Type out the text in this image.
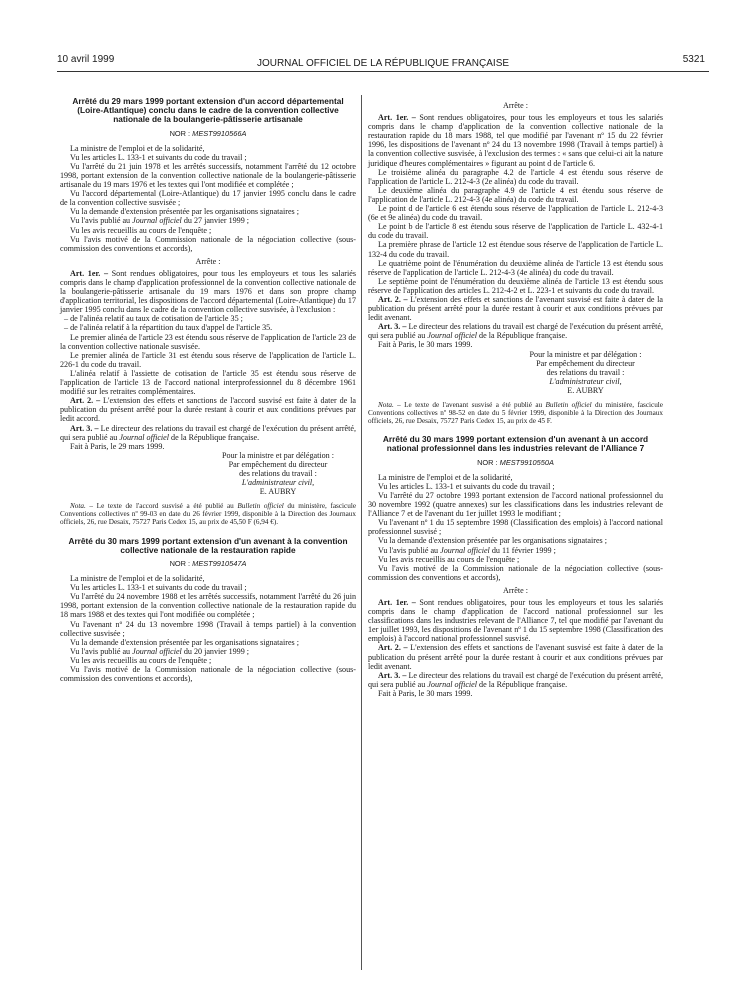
10 avril 1999	JOURNAL OFFICIEL DE LA RÉPUBLIQUE FRANÇAISE	5321
Arrêté du 29 mars 1999 portant extension d'un accord départemental (Loire-Atlantique) conclu dans le cadre de la convention collective nationale de la boulangerie-pâtisserie artisanale
NOR : MESТ9910566A

La ministre de l'emploi et de la solidarité,

Vu les articles L. 133-1 et suivants du code du travail ;

Vu l'arrêté du 21 juin 1978 et les arrêtés successifs, notamment l'arrêté du 12 octobre 1998, portant extension de la convention collective nationale de la boulangerie-pâtisserie artisanale du 19 mars 1976 et les textes qui l'ont modifiée et complétée ;

Vu l'accord départemental (Loire-Atlantique) du 17 janvier 1995 conclu dans le cadre de la convention collective susvisée ;

Vu la demande d'extension présentée par les organisations signataires ;

Vu l'avis publié au Journal officiel du 27 janvier 1999 ;

Vu les avis recueillis au cours de l'enquête ;

Vu l'avis motivé de la Commission nationale de la négociation collective (sous-commission des conventions et accords),

Arrête :

Art. 1er. – Sont rendues obligatoires, pour tous les employeurs et tous les salariés compris dans le champ d'application professionnel de la convention collective nationale de la boulangerie-pâtisserie artisanale du 19 mars 1976 et dans son propre champ d'application territorial, les dispositions de l'accord départemental (Loire-Atlantique) du 17 janvier 1995 conclu dans le cadre de la convention collective susvisée, à l'exclusion :

– de l'alinéa relatif au taux de cotisation de l'article 35 ;

– de l'alinéa relatif à la répartition du taux d'appel de l'article 35.

Le premier alinéa de l'article 23 est étendu sous réserve de l'application de l'article 23 de la convention collective nationale susvisée.

Le premier alinéa de l'article 31 est étendu sous réserve de l'application de l'article L. 226-1 du code du travail.

L'alinéa relatif à l'assiette de cotisation de l'article 35 est étendu sous réserve de l'application de l'article 13 de l'accord national interprofessionnel du 8 décembre 1961 modifié sur les retraites complémentaires.

Art. 2. – L'extension des effets et sanctions de l'accord susvisé est faite à dater de la publication du présent arrêté pour la durée restant à courir et aux conditions prévues par ledit accord.

Art. 3. – Le directeur des relations du travail est chargé de l'exécution du présent arrêté, qui sera publié au Journal officiel de la République française.

Fait à Paris, le 29 mars 1999.

Pour la ministre et par délégation :
Par empêchement du directeur
des relations du travail :
L'administrateur civil,
E. AUBRY

Nota. – Le texte de l'accord susvisé a été publié au Bulletin officiel du ministère, fascicule Conventions collectives nº 99-03 en date du 26 février 1999, disponible à la Direction des Journaux officiels, 26, rue Desaix, 75727 Paris Cedex 15, au prix de 45,50 F (6,94 €).

Arrêté du 30 mars 1999 portant extension d'un avenant à la convention collective nationale de la restauration rapide
NOR : MEST9910547A

La ministre de l'emploi et de la solidarité,

Vu les articles L. 133-1 et suivants du code du travail ;

Vu l'arrêté du 24 novembre 1988 et les arrêtés successifs, notamment l'arrêté du 26 juin 1998, portant extension de la convention collective nationale de la restauration rapide du 18 mars 1988 et des textes qui l'ont modifiée ou complétée ;

Vu l'avenant nº 24 du 13 novembre 1998 (Travail à temps partiel) à la convention collective susvisée ;

Vu la demande d'extension présentée par les organisations signataires ;

Vu l'avis publié au Journal officiel du 20 janvier 1999 ;

Vu les avis recueillis au cours de l'enquête ;

Vu l'avis motivé de la Commission nationale de la négociation collective (sous-commission des conventions et accords),

Arrête :

Art. 1er. – Sont rendues obligatoires, pour tous les employeurs et tous les salariés compris dans le champ d'application de la convention collective nationale de la restauration rapide du 18 mars 1988, tel que modifié par l'avenant nº 15 du 22 février 1996, les dispositions de l'avenant nº 24 du 13 novembre 1998 (Travail à temps partiel) à la convention collective susvisée, à l'exclusion des termes : « sans que celui-ci ait la nature juridique d'heures complémentaires » figurant au point d de l'article 6.

Le troisième alinéa du paragraphe 4.2 de l'article 4 est étendu sous réserve de l'application de l'article L. 212-4-3 (2e alinéa) du code du travail.

Le deuxième alinéa du paragraphe 4.9 de l'article 4 est étendu sous réserve de l'application de l'article L. 212-4-3 (4e alinéa) du code du travail.

Le point d de l'article 6 est étendu sous réserve de l'application de l'article L. 212-4-3 (6e et 9e alinéa) du code du travail.

Le point b de l'article 8 est étendu sous réserve de l'application de l'article L. 432-4-1 du code du travail.

La première phrase de l'article 12 est étendue sous réserve de l'application de l'article L. 132-4 du code du travail.

Le quatrième point de l'énumération du deuxième alinéa de l'article 13 est étendu sous réserve de l'application de l'article L. 212-4-3 (4e alinéa) du code du travail.

Le septième point de l'énumération du deuxième alinéa de l'article 13 est étendu sous réserve de l'application des articles L. 212-4-2 et L. 223-1 et suivants du code du travail.

Art. 2. – L'extension des effets et sanctions de l'avenant susvisé est faite à dater de la publication du présent arrêté pour la durée restant à courir et aux conditions prévues par ledit avenant.

Art. 3. – Le directeur des relations du travail est chargé de l'exécution du présent arrêté, qui sera publié au Journal officiel de la République française.

Fait à Paris, le 30 mars 1999.

Pour la ministre et par délégation :
Par empêchement du directeur
des relations du travail :
L'administrateur civil,
E. AUBRY

Nota. – Le texte de l'avenant susvisé a été publié au Bulletin officiel du ministère, fascicule Conventions collectives nº 98-52 en date du 5 février 1999, disponible à la Direction des Journaux officiels, 26, rue Desaix, 75727 Paris Cedex 15, au prix de 45 F.

Arrêté du 30 mars 1999 portant extension d'un avenant à un accord national professionnel dans les industries relevant de l'Alliance 7
NOR : MEST9910550A

La ministre de l'emploi et de la solidarité,

Vu les articles L. 133-1 et suivants du code du travail ;

Vu l'arrêté du 27 octobre 1993 portant extension de l'accord national professionnel du 30 novembre 1992 (quatre annexes) sur les classifications dans les industries relevant de l'Alliance 7 et de l'avenant du 1er juillet 1993 le modifiant ;

Vu l'avenant nº 1 du 15 septembre 1998 (Classification des emplois) à l'accord national professionnel susvisé ;

Vu la demande d'extension présentée par les organisations signataires ;

Vu l'avis publié au Journal officiel du 11 février 1999 ;

Vu les avis recueillis au cours de l'enquête ;

Vu l'avis motivé de la Commission nationale de la négociation collective (sous-commission des conventions et accords),

Arrête :

Art. 1er. – Sont rendues obligatoires, pour tous les employeurs et tous les salariés compris dans le champ d'application de l'accord national professionnel sur les classifications dans les industries relevant de l'Alliance 7, tel que modifié par l'avenant du 1er juillet 1993, les dispositions de l'avenant nº 1 du 15 septembre 1998 (Classification des emplois) à l'accord national professionnel susvisé.

Art. 2. – L'extension des effets et sanctions de l'avenant susvisé est faite à dater de la publication du présent arrêté pour la durée restant à courir et aux conditions prévues par ledit avenant.

Art. 3. – Le directeur des relations du travail est chargé de l'exécution du présent arrêté, qui sera publié au Journal officiel de la République française.

Fait à Paris, le 30 mars 1999.
